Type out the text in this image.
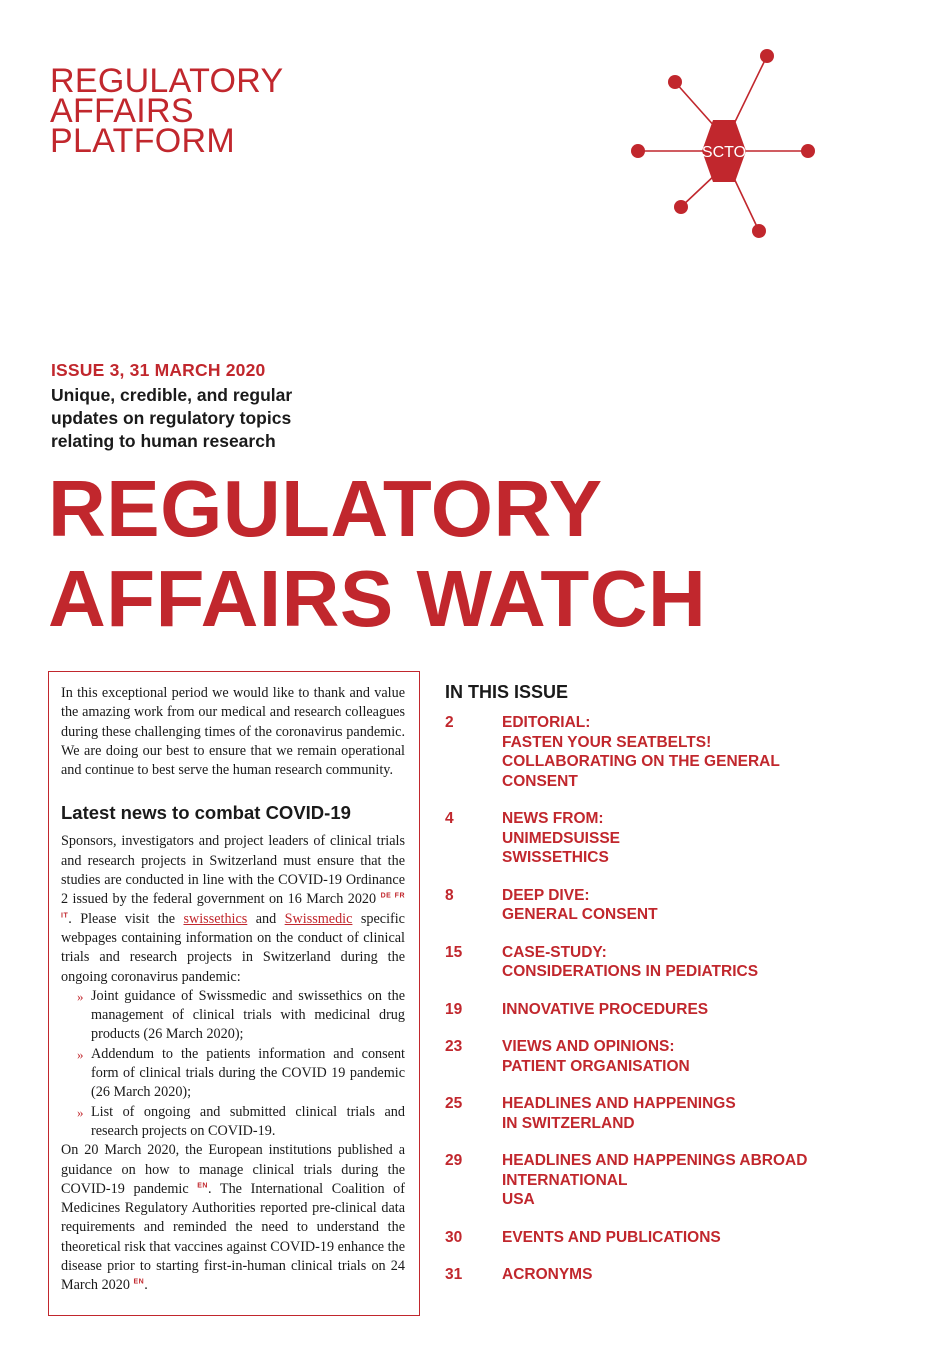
REGULATORY
AFFAIRS
PLATFORM	SCTO
ISSUE 3, 31 MARCH 2020
Unique, credible, and regular
updates on regulatory topics
relating to human research
REGULATORY
AFFAIRS WATCH

In this exceptional period we would like to thank and value the amazing work from our medical and research colleagues during these challenging times of the coronavirus pandemic. We are doing our best to ensure that we remain operational and continue to best serve the human research community.

Latest news to combat COVID-19

Sponsors, investigators and project leaders of clinical trials and research projects in Switzerland must ensure that the studies are conducted in line with the COVID-19 Ordinance 2 issued by the federal government on 16 March 2020 $^{DE FR IT}$. Please visit the swissethics and Swissmedic specific webpages containing information on the conduct of clinical trials and research projects in Switzerland during the ongoing coronavirus pandemic:

» Joint guidance of Swissmedic and swissethics on the management of clinical trials with medicinal drug products (26 March 2020);
» Addendum to the patients information and consent form of clinical trials during the COVID 19 pandemic (26 March 2020);
» List of ongoing and submitted clinical trials and research projects on COVID-19.

On 20 March 2020, the European institutions published a guidance on how to manage clinical trials during the COVID-19 pandemic $^{EN}$. The International Coalition of Medicines Regulatory Authorities reported pre-clinical data requirements and reminded the need to understand the theoretical risk that vaccines against COVID-19 enhance the disease prior to starting first-in-human clinical trials on 24 March 2020 $^{EN}$.

IN THIS ISSUE
2	EDITORIAL:
FASTEN YOUR SEATBELTS!
COLLABORATING ON THE GENERAL
CONSENT
4	NEWS FROM:
UNIMEDSUISSE
SWISSETHICS
8	DEEP DIVE:
GENERAL CONSENT
15	CASE-STUDY:
CONSIDERATIONS IN PEDIATRICS
19	INNOVATIVE PROCEDURES
23	VIEWS AND OPINIONS:
PATIENT ORGANISATION
25	HEADLINES AND HAPPENINGS
IN SWITZERLAND
29	HEADLINES AND HAPPENINGS ABROAD
INTERNATIONAL
USA
30	EVENTS AND PUBLICATIONS
31	ACRONYMS
